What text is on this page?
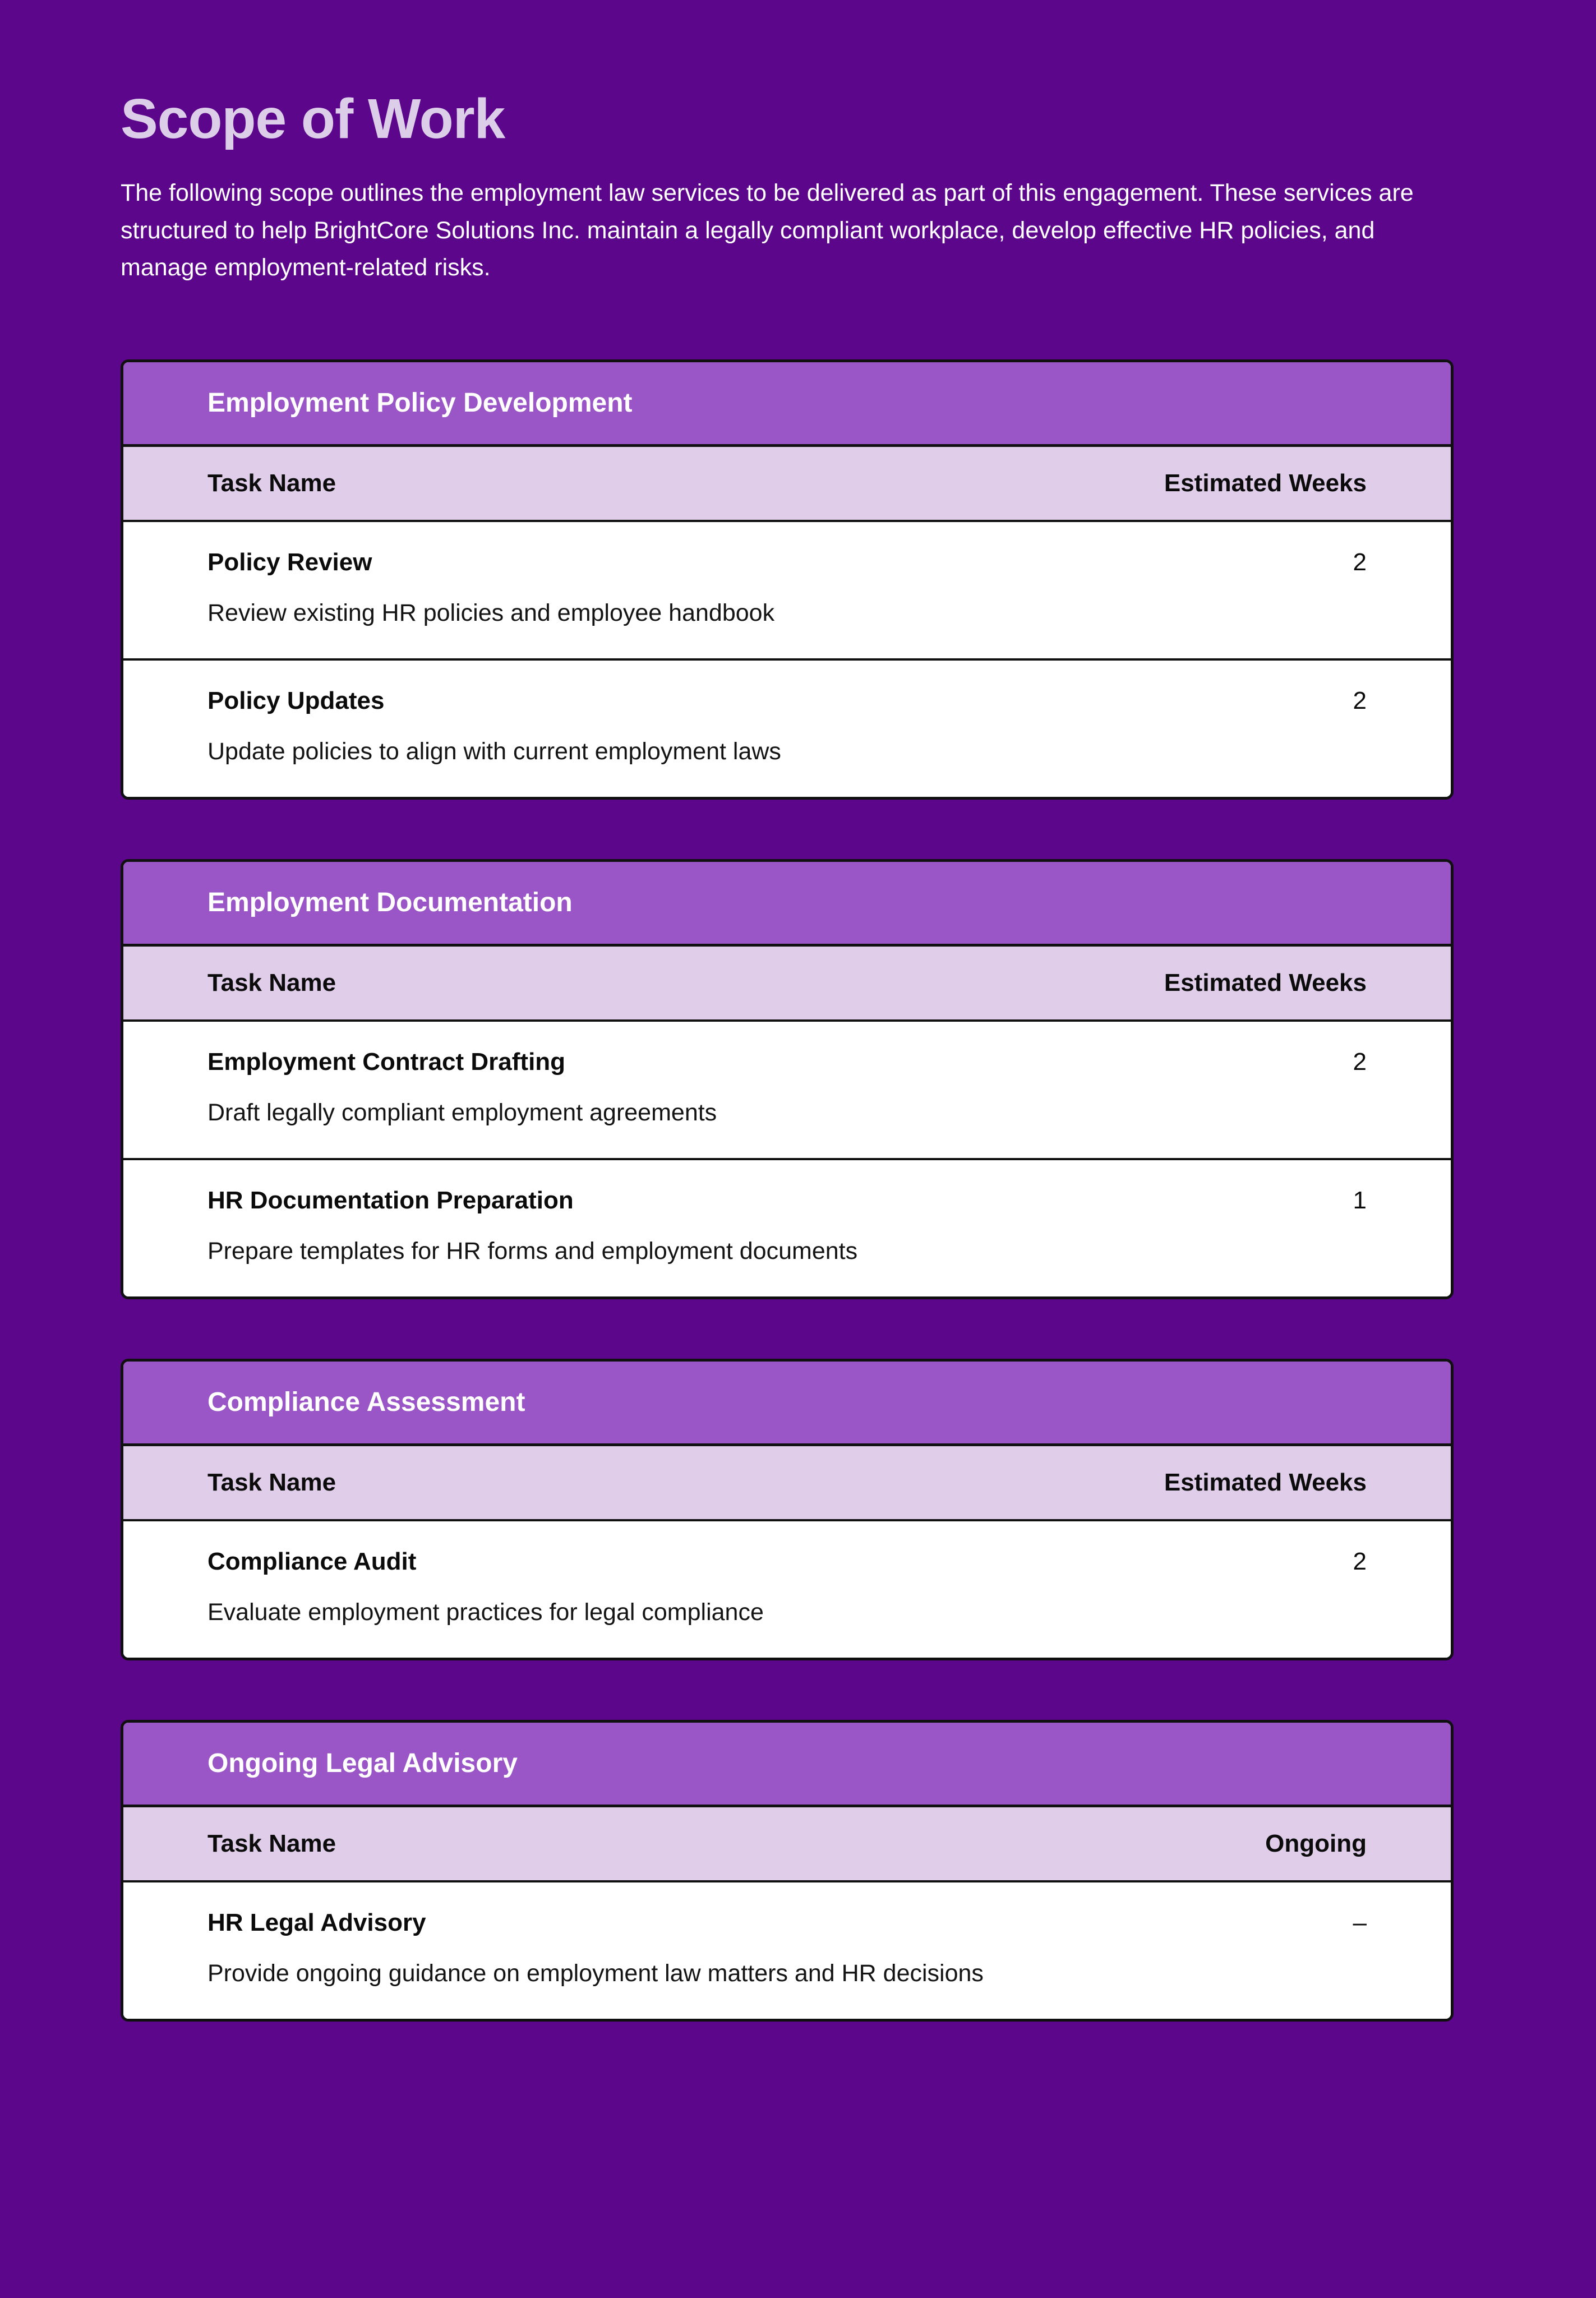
Scope of Work

The following scope outlines the employment law services to be delivered as part of this engagement. These services are structured to help BrightCore Solutions Inc. maintain a legally compliant workplace, develop effective HR policies, and manage employment-related risks.

Employment Policy Development
Task Name	Estimated Weeks
Policy Review	2
Review existing HR policies and employee handbook
Policy Updates	2
Update policies to align with current employment laws
Employment Documentation
Task Name	Estimated Weeks
Employment Contract Drafting	2
Draft legally compliant employment agreements
HR Documentation Preparation	1
Prepare templates for HR forms and employment documents
Compliance Assessment
Task Name	Estimated Weeks
Compliance Audit	2
Evaluate employment practices for legal compliance
Ongoing Legal Advisory
Task Name	Ongoing
HR Legal Advisory	–
Provide ongoing guidance on employment law matters and HR decisions
